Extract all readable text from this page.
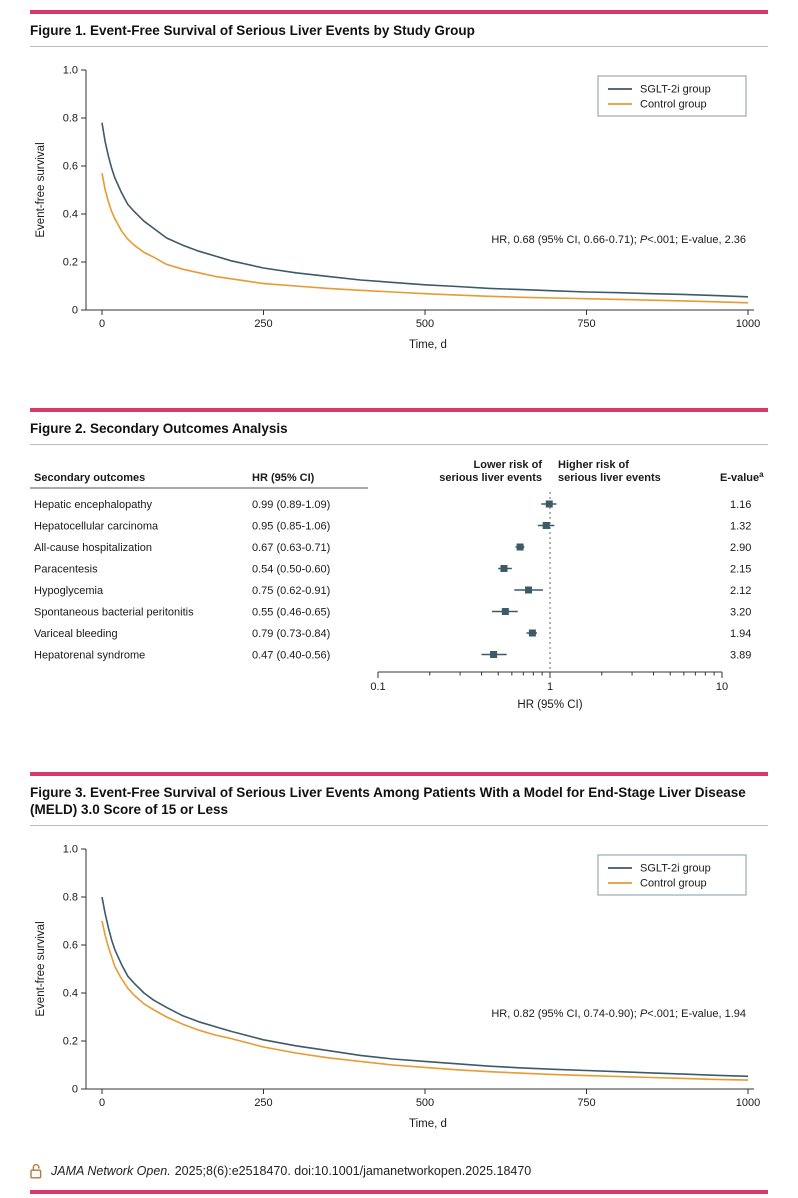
Figure 1. Event-Free Survival of Serious Liver Events by Study Group
0
0.2
0.4
0.6
0.8
1.0
0	250	500	750	1000
Time, d
Event-free survival
SGLT-2i group
Control group
HR, 0.68 (95% CI, 0.66-0.71); P<.001; E-value, 2.36
Figure 2. Secondary Outcomes Analysis
Secondary outcomes	HR (95% CI)
Lower risk of
serious liver events
Higher risk of
serious liver events	E-value$^a$
Hepatic encephalopathy	0.99 (0.89-1.09)	1.16
Hepatocellular carcinoma	0.95 (0.85-1.06)	1.32
All-cause hospitalization	0.67 (0.63-0.71)	2.90
Paracentesis	0.54 (0.50-0.60)	2.15
Hypoglycemia	0.75 (0.62-0.91)	2.12
Spontaneous bacterial peritonitis	0.55 (0.46-0.65)	3.20
Variceal bleeding	0.79 (0.73-0.84)	1.94
Hepatorenal syndrome	0.47 (0.40-0.56)	3.89
0.1	1	10
HR (95% CI)
Figure 3. Event-Free Survival of Serious Liver Events Among Patients With a Model for End-Stage Liver Disease (MELD) 3.0 Score of 15 or Less
0
0.2
0.4
0.6
0.8
1.0
0	250	500	750	1000
Time, d
Event-free survival
SGLT-2i group
Control group
HR, 0.82 (95% CI, 0.74-0.90); P<.001; E-value, 1.94
JAMA Network Open. 2025;8(6):e2518470. doi:10.1001/jamanetworkopen.2025.18470
